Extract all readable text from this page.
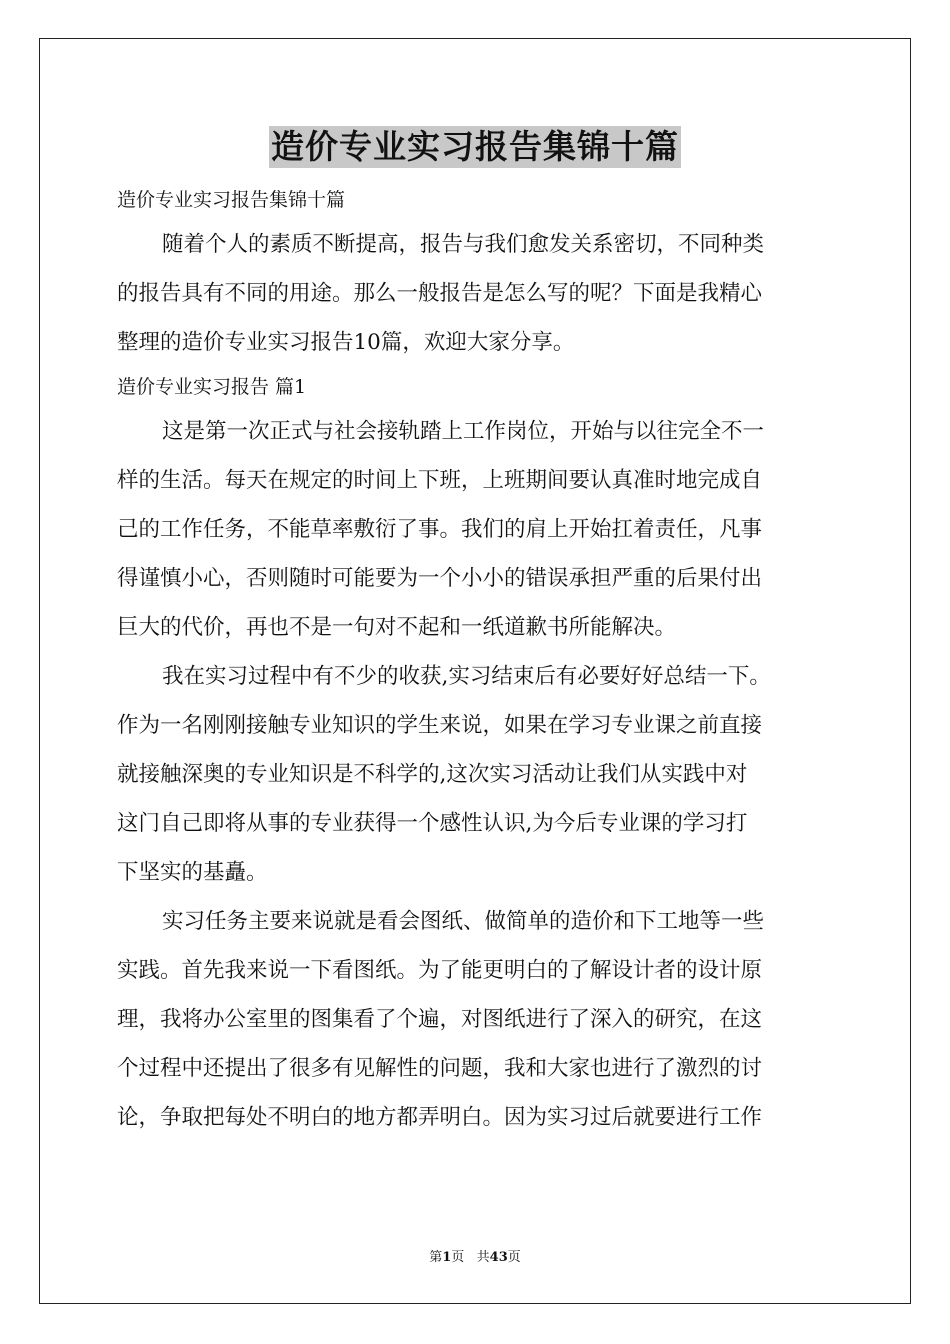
造价专业实习报告集锦十篇
造价专业实习报告集锦十篇
随着个人的素质不断提高，报告与我们愈发关系密切，不同种类
的报告具有不同的用途。那么一般报告是怎么写的呢？下面是我精心
整理的造价专业实习报告10篇，欢迎大家分享。
造价专业实习报告 篇1
这是第一次正式与社会接轨踏上工作岗位，开始与以往完全不一
样的生活。每天在规定的时间上下班，上班期间要认真准时地完成自
己的工作任务，不能草率敷衍了事。我们的肩上开始扛着责任，凡事
得谨慎小心，否则随时可能要为一个小小的错误承担严重的后果付出
巨大的代价，再也不是一句对不起和一纸道歉书所能解决。
我在实习过程中有不少的收获,实习结束后有必要好好总结一下。
作为一名刚刚接触专业知识的学生来说，如果在学习专业课之前直接
就接触深奥的专业知识是不科学的,这次实习活动让我们从实践中对
这门自己即将从事的专业获得一个感性认识,为今后专业课的学习打
下坚实的基矗。
实习任务主要来说就是看会图纸、做简单的造价和下工地等一些
实践。首先我来说一下看图纸。为了能更明白的了解设计者的设计原
理，我将办公室里的图集看了个遍，对图纸进行了深入的研究，在这
个过程中还提出了很多有见解性的问题，我和大家也进行了激烈的讨
论，争取把每处不明白的地方都弄明白。因为实习过后就要进行工作
第1页   共43页
